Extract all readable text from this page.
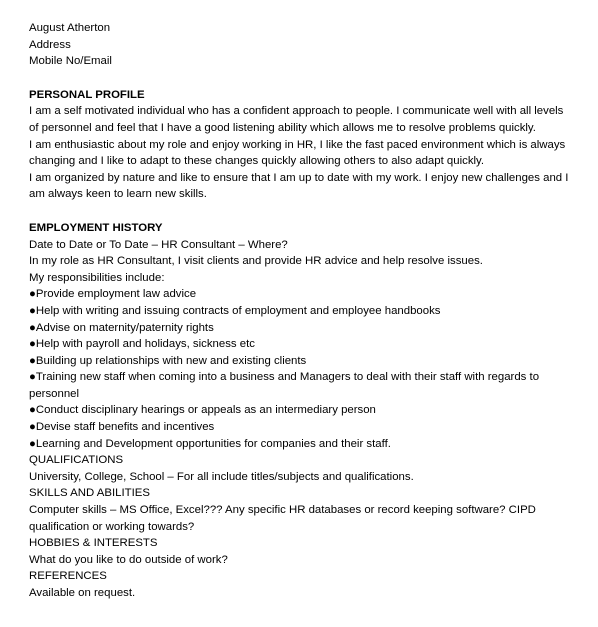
August Atherton

Address

Mobile No/Email

PERSONAL PROFILE

I am a self motivated individual who has a confident approach to people. I communicate well with all levels of personnel and feel that I have a good listening ability which allows me to resolve problems quickly.

I am enthusiastic about my role and enjoy working in HR, I like the fast paced environment which is always changing and I like to adapt to these changes quickly allowing others to also adapt quickly.

I am organized by nature and like to ensure that I am up to date with my work. I enjoy new challenges and I am always keen to learn new skills.

EMPLOYMENT HISTORY

Date to Date or To Date – HR Consultant – Where?

In my role as HR Consultant, I visit clients and provide HR advice and help resolve issues.

My responsibilities include:

●Provide employment law advice

●Help with writing and issuing contracts of employment and employee handbooks

●Advise on maternity/paternity rights

●Help with payroll and holidays, sickness etc

●Building up relationships with new and existing clients

●Training new staff when coming into a business and Managers to deal with their staff with regards to personnel

●Conduct disciplinary hearings or appeals as an intermediary person

●Devise staff benefits and incentives

●Learning and Development opportunities for companies and their staff.

QUALIFICATIONS

University, College, School – For all include titles/subjects and qualifications.

SKILLS AND ABILITIES

Computer skills – MS Office, Excel??? Any specific HR databases or record keeping software? CIPD qualification or working towards?

HOBBIES & INTERESTS

What do you like to do outside of work?

REFERENCES

Available on request.
